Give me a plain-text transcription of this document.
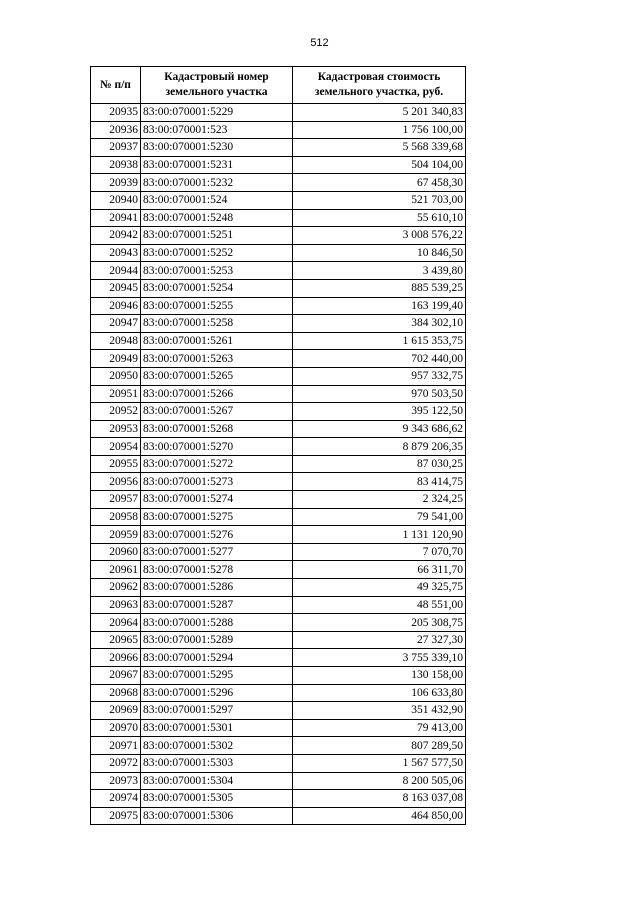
512
№ п/п	Кадастровый номер земельного участка	Кадастровая стоимость земельного участка, руб.
20935	83:00:070001:5229	5 201 340,83
20936	83:00:070001:523	1 756 100,00
20937	83:00:070001:5230	5 568 339,68
20938	83:00:070001:5231	504 104,00
20939	83:00:070001:5232	67 458,30
20940	83:00:070001:524	521 703,00
20941	83:00:070001:5248	55 610,10
20942	83:00:070001:5251	3 008 576,22
20943	83:00:070001:5252	10 846,50
20944	83:00:070001:5253	3 439,80
20945	83:00:070001:5254	885 539,25
20946	83:00:070001:5255	163 199,40
20947	83:00:070001:5258	384 302,10
20948	83:00:070001:5261	1 615 353,75
20949	83:00:070001:5263	702 440,00
20950	83:00:070001:5265	957 332,75
20951	83:00:070001:5266	970 503,50
20952	83:00:070001:5267	395 122,50
20953	83:00:070001:5268	9 343 686,62
20954	83:00:070001:5270	8 879 206,35
20955	83:00:070001:5272	87 030,25
20956	83:00:070001:5273	83 414,75
20957	83:00:070001:5274	2 324,25
20958	83:00:070001:5275	79 541,00
20959	83:00:070001:5276	1 131 120,90
20960	83:00:070001:5277	7 070,70
20961	83:00:070001:5278	66 311,70
20962	83:00:070001:5286	49 325,75
20963	83:00:070001:5287	48 551,00
20964	83:00:070001:5288	205 308,75
20965	83:00:070001:5289	27 327,30
20966	83:00:070001:5294	3 755 339,10
20967	83:00:070001:5295	130 158,00
20968	83:00:070001:5296	106 633,80
20969	83:00:070001:5297	351 432,90
20970	83:00:070001:5301	79 413,00
20971	83:00:070001:5302	807 289,50
20972	83:00:070001:5303	1 567 577,50
20973	83:00:070001:5304	8 200 505,06
20974	83:00:070001:5305	8 163 037,08
20975	83:00:070001:5306	464 850,00
